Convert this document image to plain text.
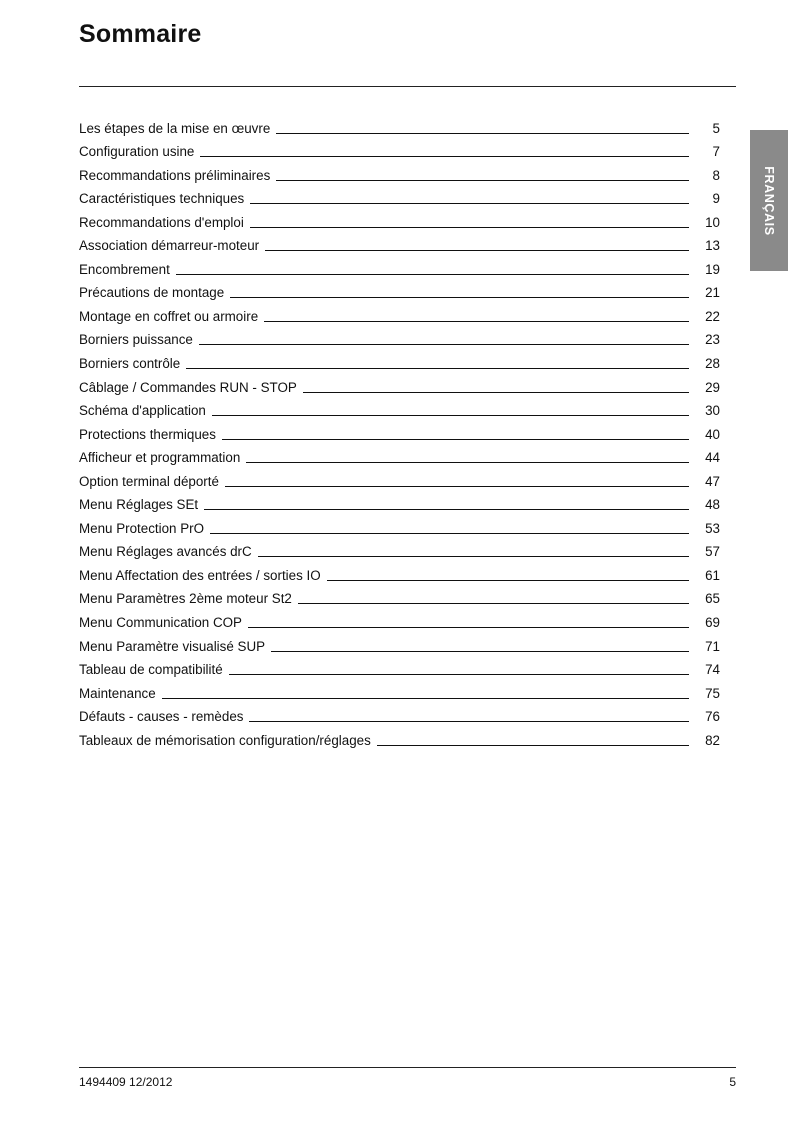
Sommaire
Les étapes de la mise en œuvre	5
Configuration usine	7
Recommandations préliminaires	8
Caractéristiques techniques	9
Recommandations d'emploi	10
Association démarreur-moteur	13
Encombrement	19
Précautions de montage	21
Montage en coffret ou armoire	22
Borniers puissance	23
Borniers contrôle	28
Câblage / Commandes RUN - STOP	29
Schéma d'application	30
Protections thermiques	40
Afficheur et programmation	44
Option terminal déporté	47
Menu Réglages SEt	48
Menu Protection PrO	53
Menu Réglages avancés drC	57
Menu Affectation des entrées / sorties IO	61
Menu Paramètres 2ème moteur St2	65
Menu Communication COP	69
Menu Paramètre visualisé SUP	71
Tableau de compatibilité	74
Maintenance	75
Défauts - causes - remèdes	76
Tableaux de mémorisation configuration/réglages	82
FRANÇAIS
1494409 12/2012	5
